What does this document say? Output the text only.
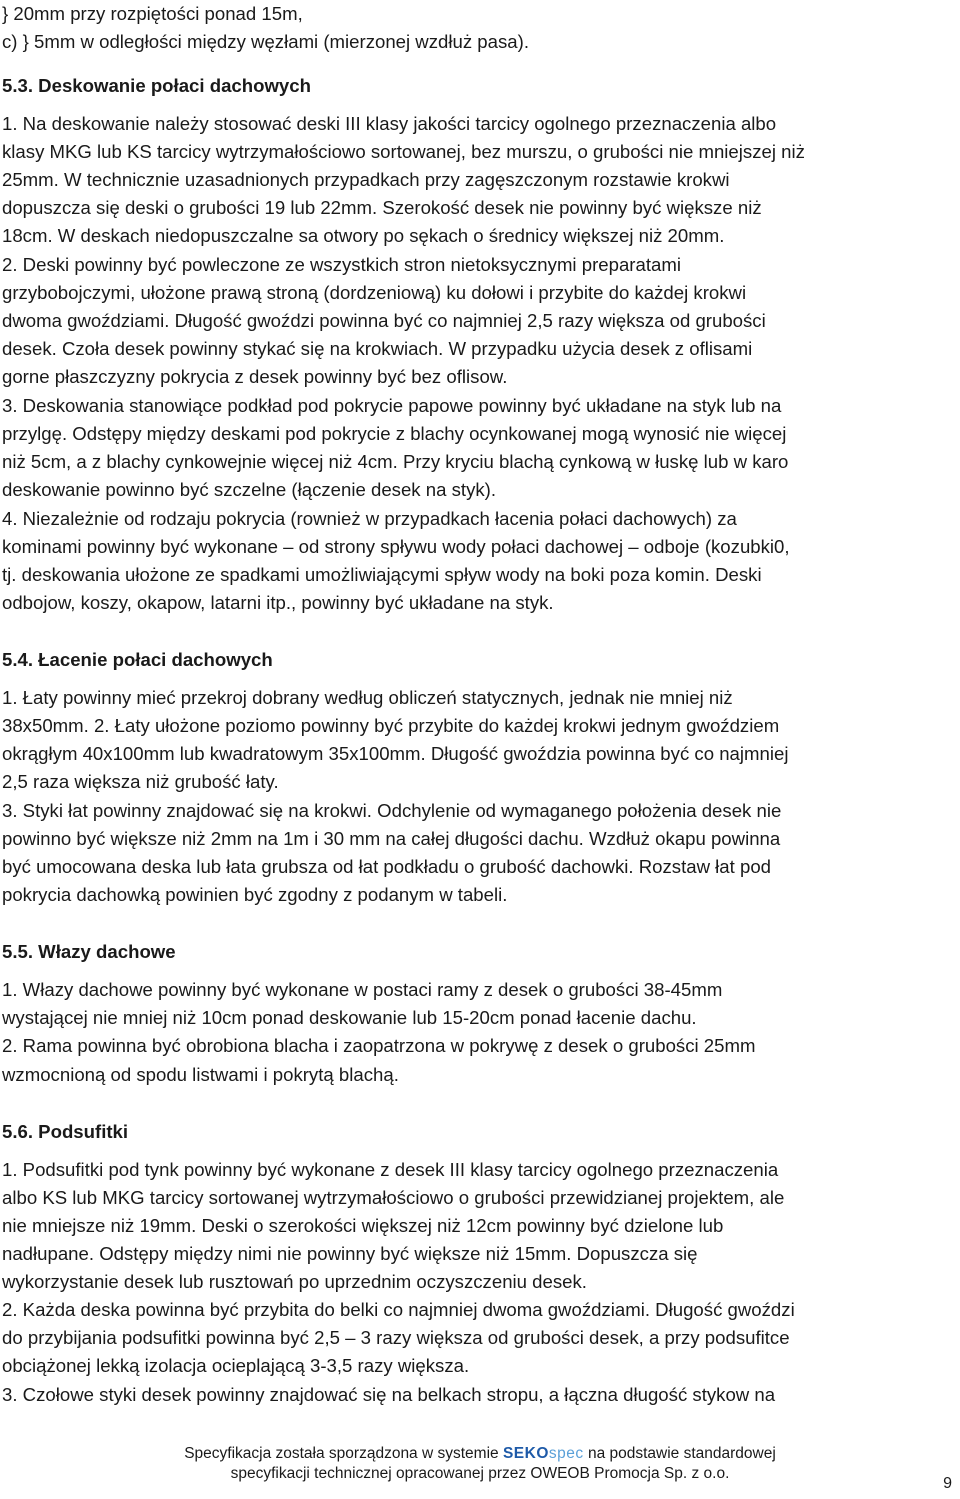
} 20mm przy rozpiętości ponad 15m,

c) } 5mm w odległości między węzłami (mierzonej wzdłuż pasa).

5.3. Deskowanie połaci dachowych

1. Na deskowanie należy stosować deski III klasy jakości tarcicy ogolnego przeznaczenia albo

klasy MKG lub KS tarcicy wytrzymałościowo sortowanej, bez murszu, o grubości nie mniejszej niż

25mm. W technicznie uzasadnionych przypadkach przy zagęszczonym rozstawie krokwi

dopuszcza się deski o grubości 19 lub 22mm. Szerokość desek nie powinny być większe niż

18cm. W deskach niedopuszczalne sa otwory po sękach o średnicy większej niż 20mm.

2. Deski powinny być powleczone ze wszystkich stron nietoksycznymi preparatami

grzybobojczymi, ułożone prawą stroną (dordzeniową) ku dołowi i przybite do każdej krokwi

dwoma gwoździami. Długość gwoździ powinna być co najmniej 2,5 razy większa od grubości

desek. Czoła desek powinny stykać się na krokwiach. W przypadku użycia desek z oflisami

gorne płaszczyzny pokrycia z desek powinny być bez oflisow.

3. Deskowania stanowiące podkład pod pokrycie papowe powinny być układane na styk lub na

przylgę. Odstępy między deskami pod pokrycie z blachy ocynkowanej mogą wynosić nie więcej

niż 5cm, a z blachy cynkowejnie więcej niż 4cm. Przy kryciu blachą cynkową w łuskę lub w karo

deskowanie powinno być szczelne (łączenie desek na styk).

4. Niezależnie od rodzaju pokrycia (rownież w przypadkach łacenia połaci dachowych) za

kominami powinny być wykonane – od strony spływu wody połaci dachowej – odboje (kozubki0,

tj. deskowania ułożone ze spadkami umożliwiającymi spływ wody na boki poza komin. Deski

odbojow, koszy, okapow, latarni itp., powinny być układane na styk.

5.4. Łacenie połaci dachowych

1. Łaty powinny mieć przekroj dobrany według obliczeń statycznych, jednak nie mniej niż

38x50mm. 2. Łaty ułożone poziomo powinny być przybite do każdej krokwi jednym gwoździem

okrągłym 40x100mm lub kwadratowym 35x100mm. Długość gwoździa powinna być co najmniej

2,5 raza większa niż grubość łaty.

3. Styki łat powinny znajdować się na krokwi. Odchylenie od wymaganego położenia desek nie

powinno być większe niż 2mm na 1m i 30 mm na całej długości dachu. Wzdłuż okapu powinna

być umocowana deska lub łata grubsza od łat podkładu o grubość dachowki. Rozstaw łat pod

pokrycia dachowką powinien być zgodny z podanym w tabeli.

5.5. Włazy dachowe

1. Włazy dachowe powinny być wykonane w postaci ramy z desek o grubości 38-45mm

wystającej nie mniej niż 10cm ponad deskowanie lub 15-20cm ponad łacenie dachu.

2. Rama powinna być obrobiona blacha i zaopatrzona w pokrywę z desek o grubości 25mm

wzmocnioną od spodu listwami i pokrytą blachą.

5.6. Podsufitki

1. Podsufitki pod tynk powinny być wykonane z desek III klasy tarcicy ogolnego przeznaczenia

albo KS lub MKG tarcicy sortowanej wytrzymałościowo o grubości przewidzianej projektem, ale

nie mniejsze niż 19mm. Deski o szerokości większej niż 12cm powinny być dzielone lub

nadłupane. Odstępy między nimi nie powinny być większe niż 15mm. Dopuszcza się

wykorzystanie desek lub rusztowań po uprzednim oczyszczeniu desek.

2. Każda deska powinna być przybita do belki co najmniej dwoma gwoździami. Długość gwoździ

do przybijania podsufitki powinna być 2,5 – 3 razy większa od grubości desek, a przy podsufitce

obciążonej lekką izolacja ocieplającą 3-3,5 razy większa.

3. Czołowe styki desek powinny znajdować się na belkach stropu, a łączna długość stykow na

Specyfikacja została sporządzona w systemie SEKOspec na podstawie standardowej
specyfikacji technicznej opracowanej przez OWEOB Promocja Sp. z o.o.
9
